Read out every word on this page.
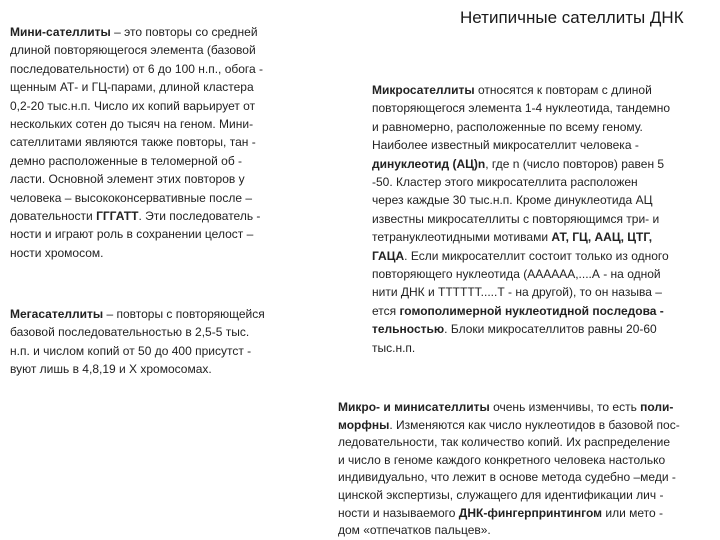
Нетипичные сателлиты ДНК
Мини-сателлиты – это повторы со средней
длиной повторяющегося элемента (базовой
последовательности) от 6 до 100 н.п., обога -
щенным АТ- и ГЦ-парами, длиной кластера
0,2-20 тыс.н.п. Число их копий варьирует от
нескольких сотен до тысяч на геном. Мини-
сателлитами являются также повторы, тан -
демно расположенные в теломерной об -
ласти. Основной элемент этих повторов у
человека – высококонсервативные после –
довательности ГГГАТТ. Эти последователь -
ности и играют роль в сохранении целост –
ности хромосом.
Мегасателлиты – повторы с повторяющейся
базовой последовательностью в 2,5-5 тыс.
н.п. и числом копий от 50 до 400 присутст -
вуют лишь в 4,8,19 и Х хромосомах.
Микросателлиты относятся к повторам с длиной
повторяющегося элемента 1-4 нуклеотида, тандемно
и равномерно, расположенные по всему геному.
Наиболее известный микросателлит человека -
динуклеотид (АЦ)n, где n (число повторов) равен 5
-50. Кластер этого микросателлита расположен
через каждые 30 тыс.н.п. Кроме динуклеотида АЦ
известны микросателлиты с повторяющимся три- и
тетрануклеотидными мотивами АТ, ГЦ, ААЦ, ЦТГ,
ГАЦА. Если микросателлит состоит только из одного
повторяющего нуклеотида (АААААА,....А - на одной
нити ДНК и ТТТТТТ.....Т - на другой), то он называ –
ется гомополимерной нуклеотидной последова -
тельностью. Блоки микросателлитов равны 20-60
тыс.н.п.
Микро- и минисателлиты очень изменчивы, то есть поли-
морфны. Изменяются как число нуклеотидов в базовой пос-
ледовательности, так количество копий. Их распределение
и число в геноме каждого конкретного человека настолько
индивидуально, что лежит в основе метода судебно –меди -
цинской экспертизы, служащего для идентификации лич -
ности и называемого ДНК-фингерпринтингом или мето -
дом «отпечатков пальцев».
